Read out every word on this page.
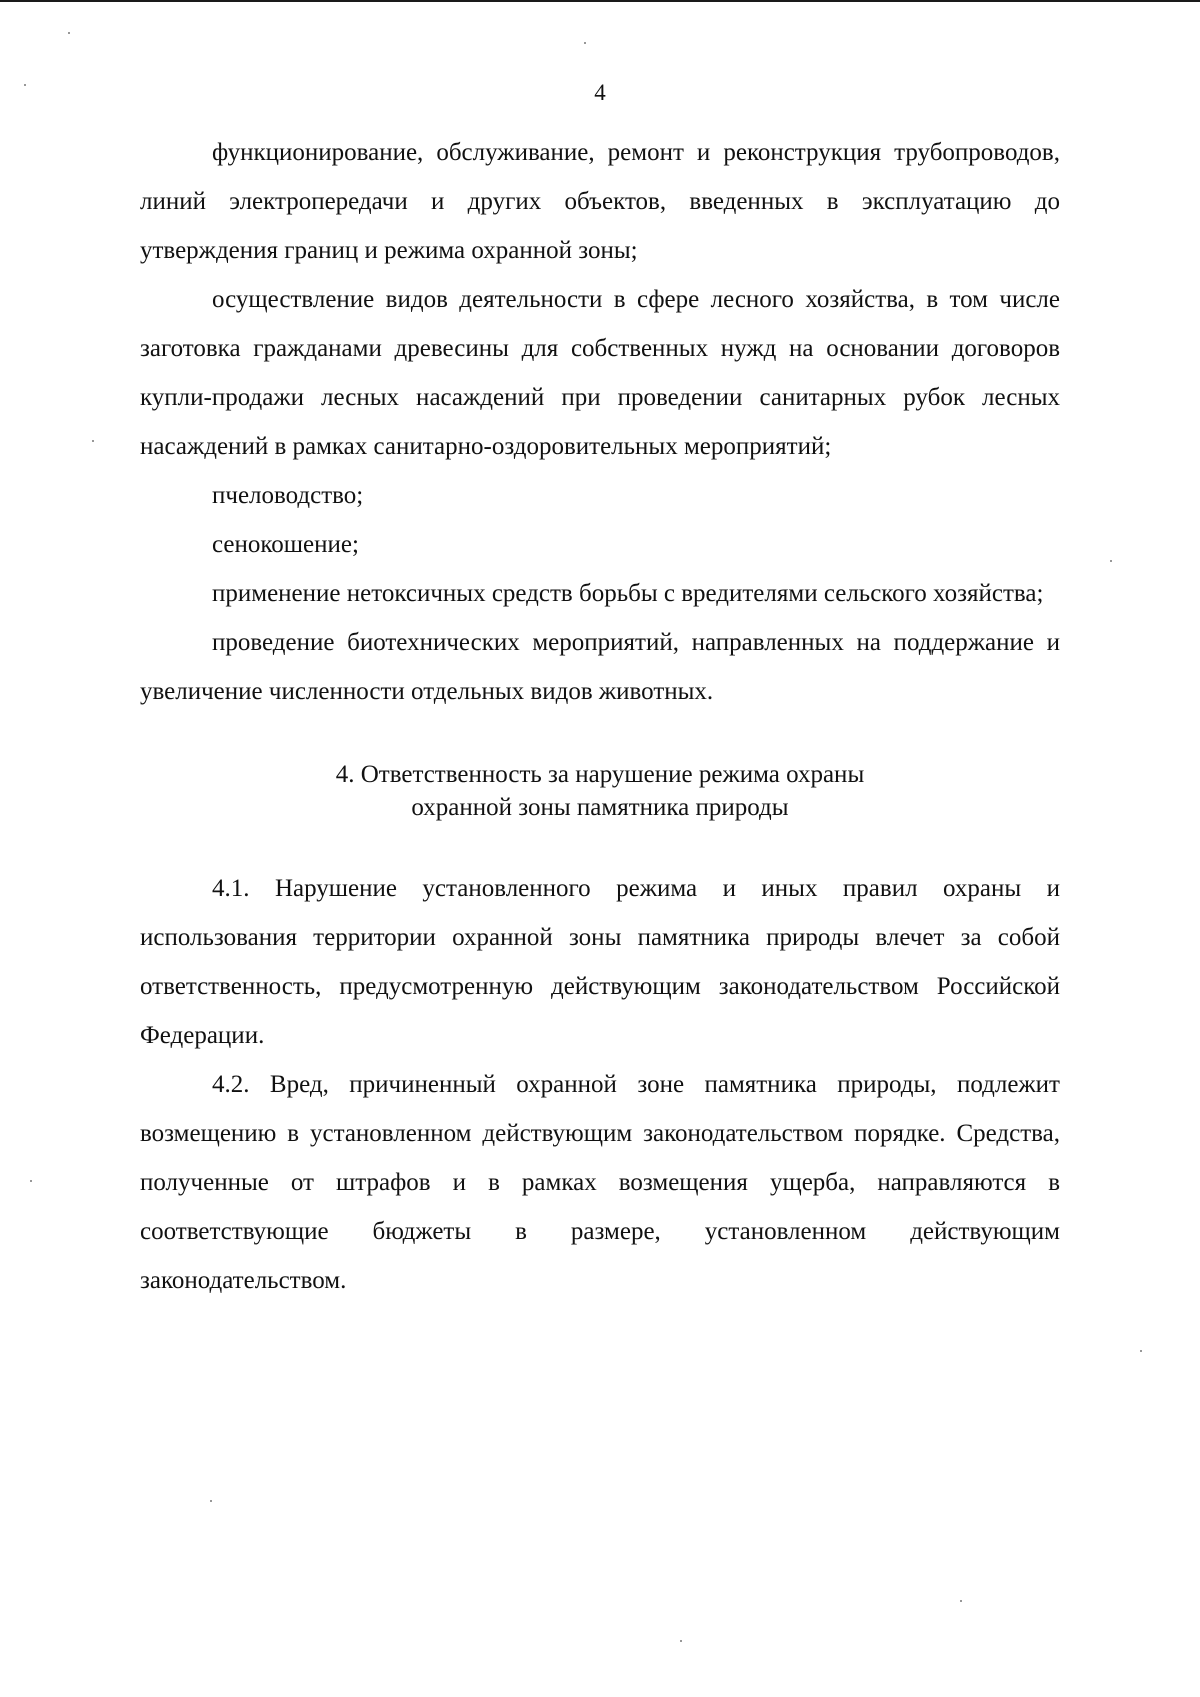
4

функционирование, обслуживание, ремонт и реконструкция трубопроводов, линий электропередачи и других объектов, введенных в эксплуатацию до утверждения границ и режима охранной зоны;

осуществление видов деятельности в сфере лесного хозяйства, в том числе заготовка гражданами древесины для собственных нужд на основании договоров купли-продажи лесных насаждений при проведении санитарных рубок лесных насаждений в рамках санитарно-оздоровительных мероприятий;

пчеловодство;

сенокошение;

применение нетоксичных средств борьбы с вредителями сельского хозяйства;

проведение биотехнических мероприятий, направленных на поддержание и увеличение численности отдельных видов животных.

4. Ответственность за нарушение режима охраны
охранной зоны памятника природы

4.1. Нарушение установленного режима и иных правил охраны и использования территории охранной зоны памятника природы влечет за собой ответственность, предусмотренную действующим законодательством Российской Федерации.

4.2. Вред, причиненный охранной зоне памятника природы, подлежит возмещению в установленном действующим законодательством порядке. Средства, полученные от штрафов и в рамках возмещения ущерба, направляются в соответствующие бюджеты в размере, установленном действующим законодательством.
